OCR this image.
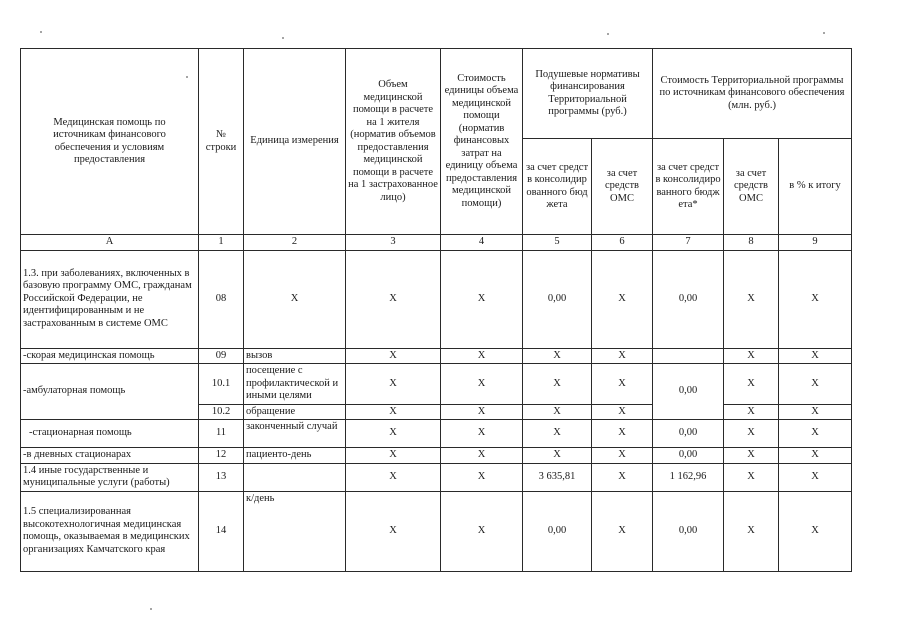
Медицинская помощь по источникам финансового обеспечения и условиям предоставления	№ строки	Единица измерения	Объем медицинской помощи в расчете на 1 жителя (норматив объемов предоставления медицинской помощи в расчете на 1 застрахованное лицо)	Стоимость единицы объема медицинской помощи (норматив финансовых затрат на единицу объема предоставления медицинской помощи)	Подушевые нормативы финансирования Территориальной программы (руб.)		Стоимость Территориальной программы по источникам финансового обеспечения (млн. руб.)		
					за счет средств консолидированного бюджета	за счет средств ОМС	за счет средств консолидированного бюджета*	за счет средств ОМС	в % к итогу
А	1	2	3	4	5	6	7	8	9
1.3. при заболеваниях, включенных в базовую программу ОМС, гражданам Российской Федерации, не идентифицированным и не застрахованным в системе ОМС	08	Х	Х	Х	0,00	Х	0,00	Х	Х
-скорая медицинская помощь	09	вызов	Х	Х	Х	Х		Х	Х
-амбулаторная помощь	10.1	посещение с профилактической и иными целями	Х	Х	Х	Х	0,00	Х	Х
	10.2	обращение	Х	Х	Х	Х		Х	Х
-стационарная помощь	11	законченный случай	Х	Х	Х	Х	0,00	Х	Х
-в дневных стационарах	12	пациенто-день	Х	Х	Х	Х	0,00	Х	Х
1.4 иные государственные и муниципальные услуги (работы)	13		Х	Х	3 635,81	Х	1 162,96	Х	Х
1.5 специализированная высокотехнологичная медицинская помощь, оказываемая в медицинских организациях Камчатского края	14	к/день	Х	Х	0,00	Х	0,00	Х	Х
